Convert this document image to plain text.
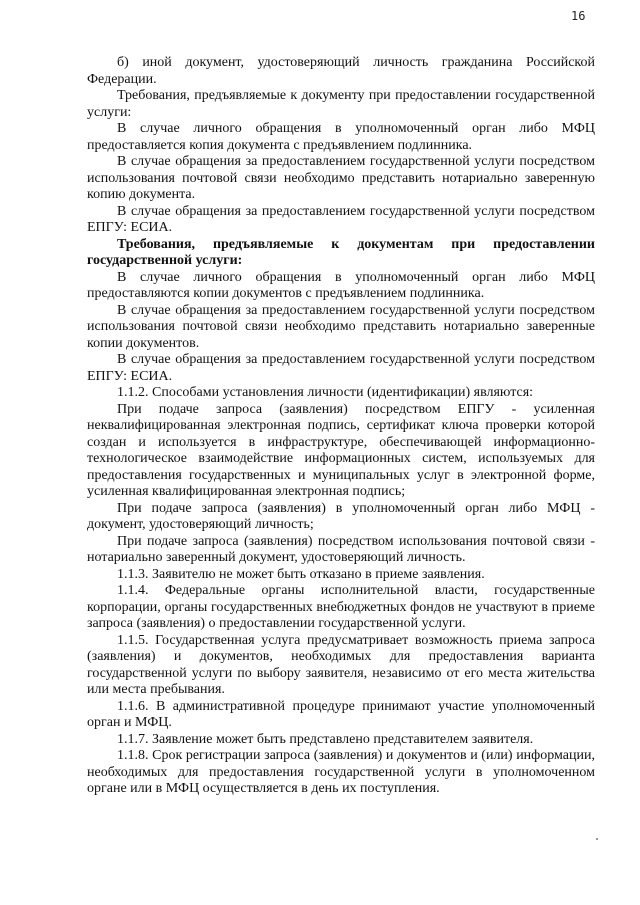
16

б) иной документ, удостоверяющий личность гражданина Российской Федерации.

Требования, предъявляемые к документу при предоставлении государственной услуги:

В случае личного обращения в уполномоченный орган либо МФЦ предоставляется копия документа с предъявлением подлинника.

В случае обращения за предоставлением государственной услуги посредством использования почтовой связи необходимо представить нотариально заверенную копию документа.

В случае обращения за предоставлением государственной услуги посредством ЕПГУ: ЕСИА.

Требования, предъявляемые к документам при предоставлении государственной услуги:

В случае личного обращения в уполномоченный орган либо МФЦ предоставляются копии документов с предъявлением подлинника.

В случае обращения за предоставлением государственной услуги посредством использования почтовой связи необходимо представить нотариально заверенные копии документов.

В случае обращения за предоставлением государственной услуги посредством ЕПГУ: ЕСИА.

1.1.2. Способами установления личности (идентификации) являются:

При подаче запроса (заявления) посредством ЕПГУ - усиленная неквалифицированная электронная подпись, сертификат ключа проверки которой создан и используется в инфраструктуре, обеспечивающей информационно-технологическое взаимодействие информационных систем, используемых для предоставления государственных и муниципальных услуг в электронной форме, усиленная квалифицированная электронная подпись;

При подаче запроса (заявления) в уполномоченный орган либо МФЦ - документ, удостоверяющий личность;

При подаче запроса (заявления) посредством использования почтовой связи - нотариально заверенный документ, удостоверяющий личность.

1.1.3. Заявителю не может быть отказано в приеме заявления.

1.1.4. Федеральные органы исполнительной власти, государственные корпорации, органы государственных внебюджетных фондов не участвуют в приеме запроса (заявления) о предоставлении государственной услуги.

1.1.5. Государственная услуга предусматривает возможность приема запроса (заявления) и документов, необходимых для предоставления варианта государственной услуги по выбору заявителя, независимо от его места жительства или места пребывания.

1.1.6. В административной процедуре принимают участие уполномоченный орган и МФЦ.

1.1.7. Заявление может быть представлено представителем заявителя.

1.1.8. Срок регистрации запроса (заявления) и документов и (или) информации, необходимых для предоставления государственной услуги в уполномоченном органе или в МФЦ осуществляется в день их поступления.
